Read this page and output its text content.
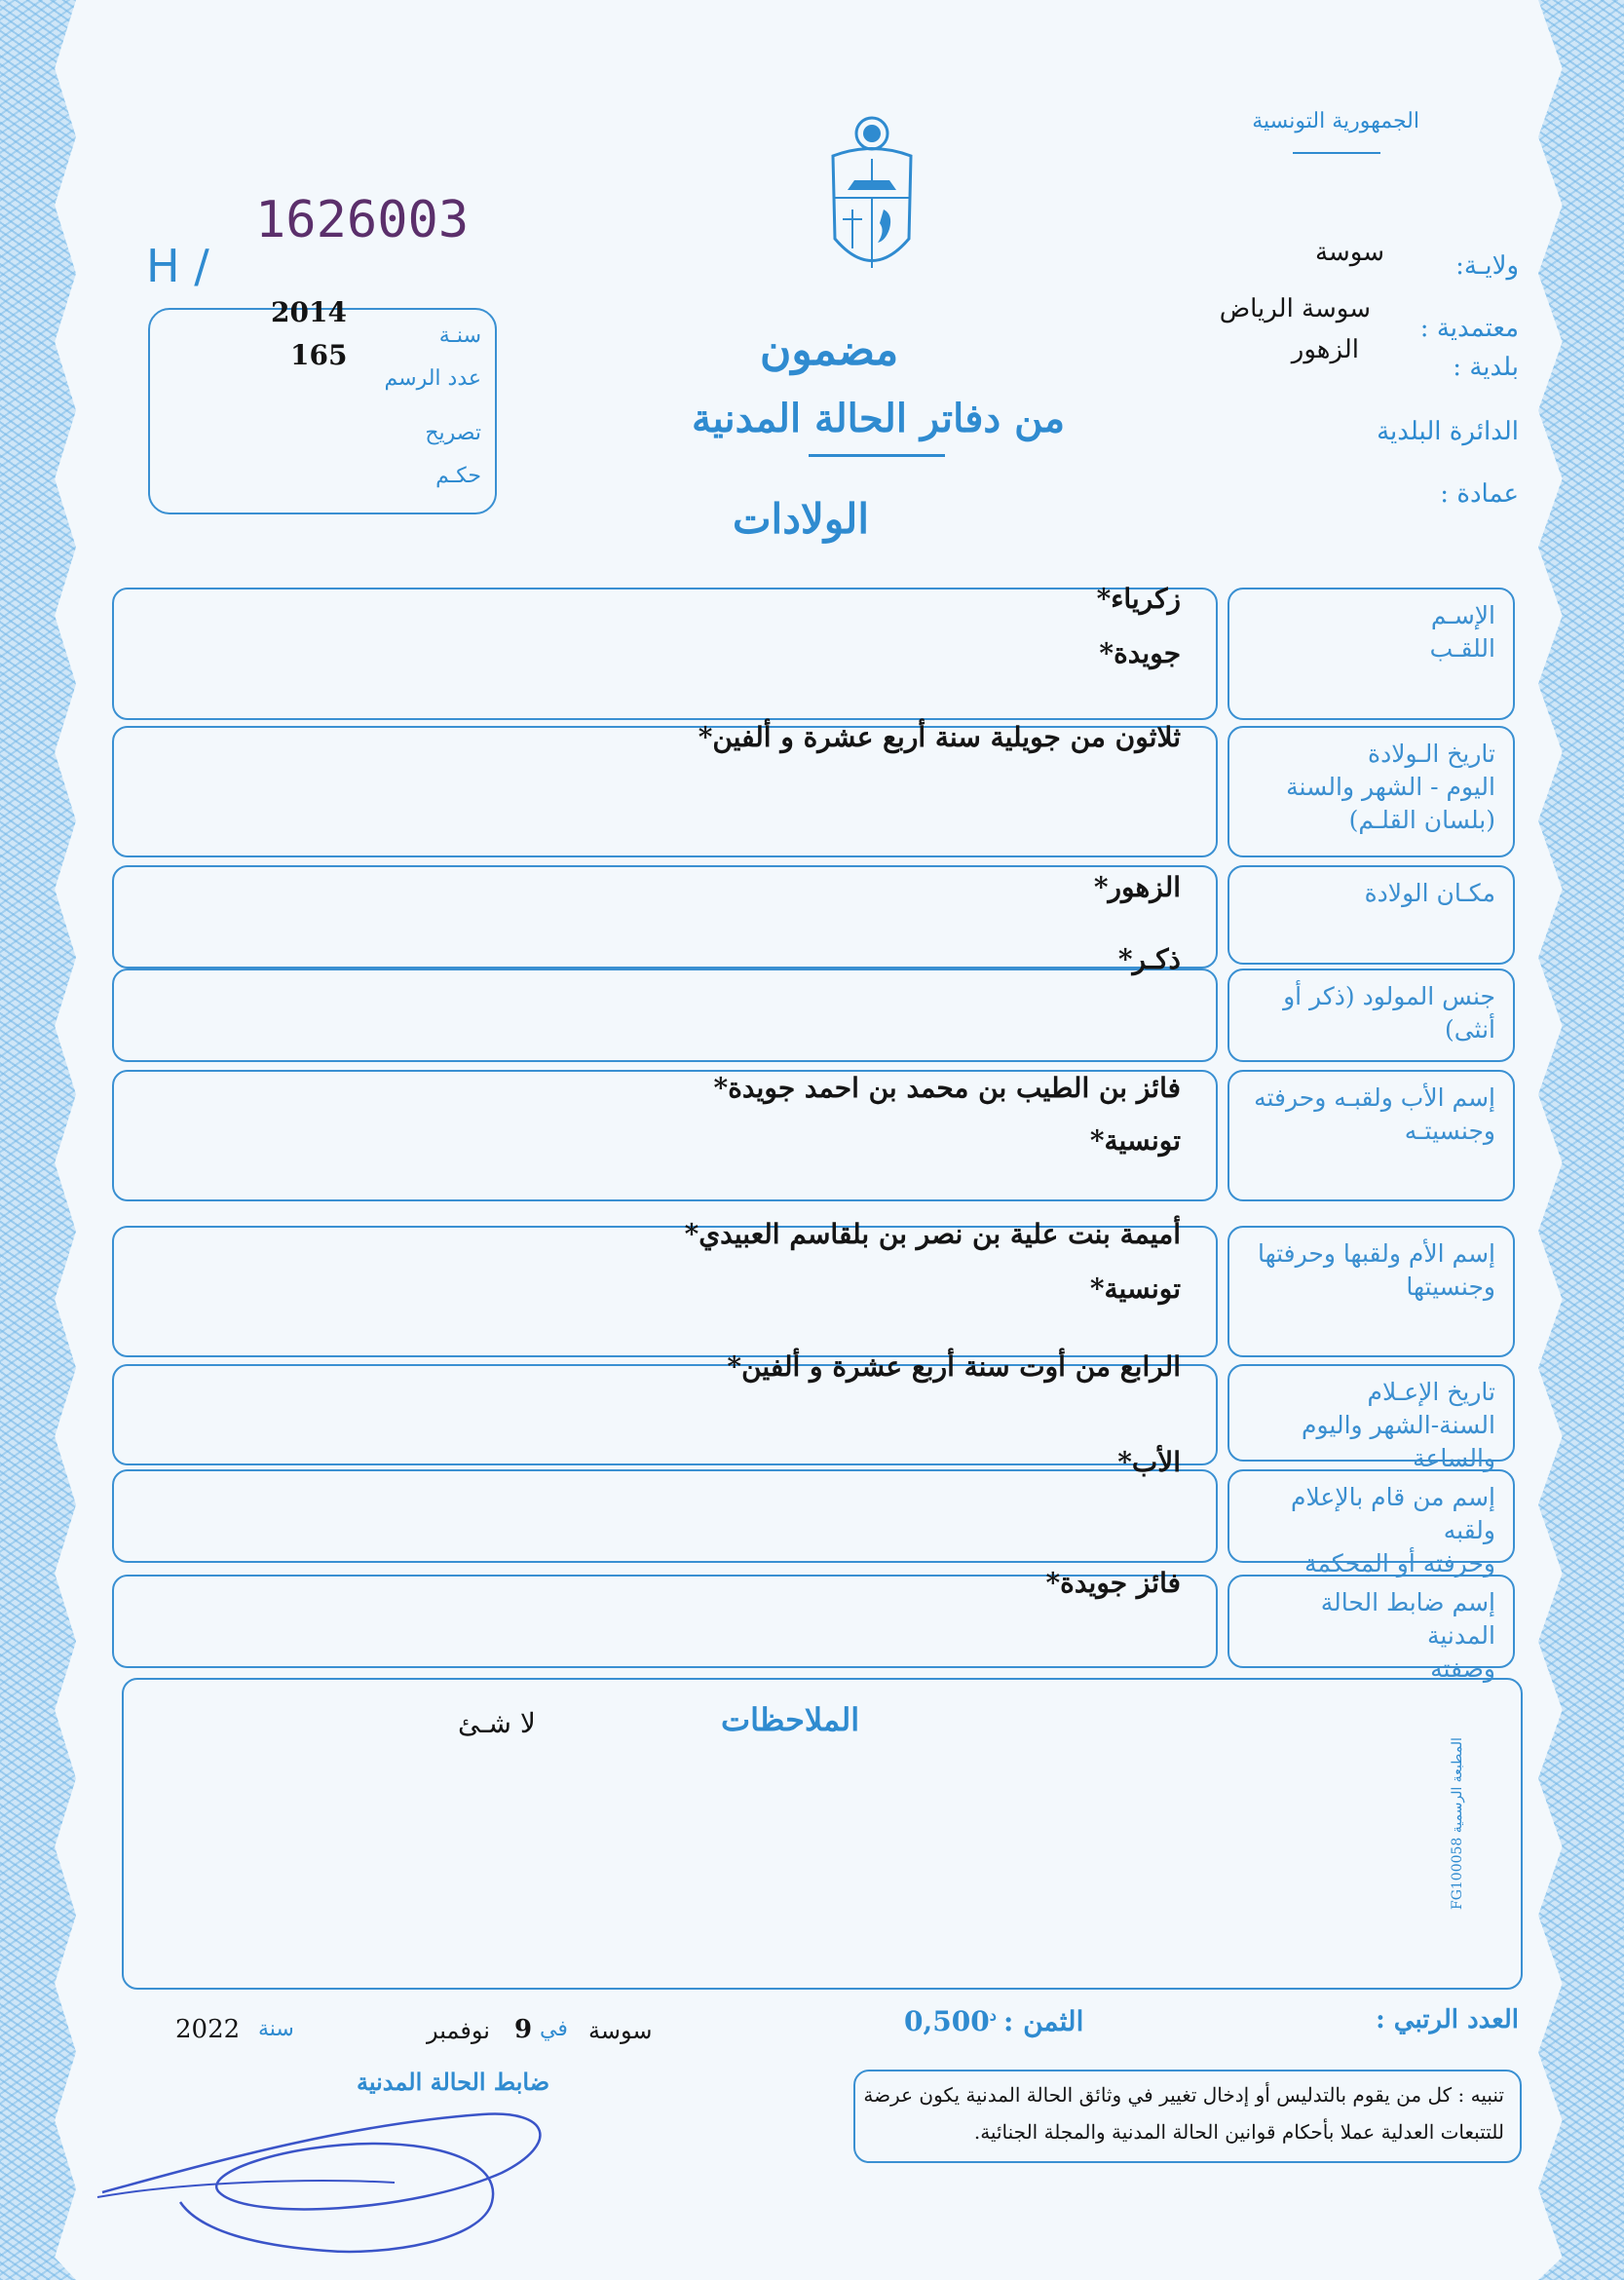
الجمهورية التونسية
ولايـة:
سوسة
معتمدية :
سوسة الرياض
بلدية :
الزهور
الدائرة البلدية
عمادة :
1626003
H /
سنـة
2014
عدد الرسم
165
تصريح
حكـم
مضمون
من دفاتر الحالة المدنية
الولادات
الإسـم
اللقـب
زكرياء*
جويدة*
تاريخ الـولادة
اليوم - الشهر والسنة
(بلسان القلـم)
ثلاثون من جويلية سنة أربع عشرة و ألفين*
مكـان الولادة
الزهور*
جنس المولود (ذكر أو أنثى)
ذكـر*
إسم الأب ولقبـه وحرفته
وجنسيتـه
فائز بن الطيب بن محمد بن احمد جويدة*
تونسية*
إسم الأم ولقبها وحرفتها
وجنسيتها
أميمة بنت علية بن نصر بن بلقاسم العبيدي*
تونسية*
تاريخ الإعـلام
السنة-الشهر واليوم والساعة
الرابع من أوت سنة أربع عشرة و ألفين*
إسم من قام بالإعلام ولقبه
وحرفته أو المحكمة
الأب*
إسم ضابط الحالة المدنية
وصفته
فائز جويدة*
الملاحظات
لا شـئ
العدد الرتبي :
الثمن :
$0,500^د$
سوسة
في
9
نوفمبر
سنة
2022
ضابط الحالة المدنية	تنبيه : كل من يقوم بالتدليس أو إدخال تغيير في وثائق الحالة المدنية يكون عرضة
للتتبعات العدلية عملا بأحكام قوانين الحالة المدنية والمجلة الجنائية.
المطبعة الرسمية FG100058
